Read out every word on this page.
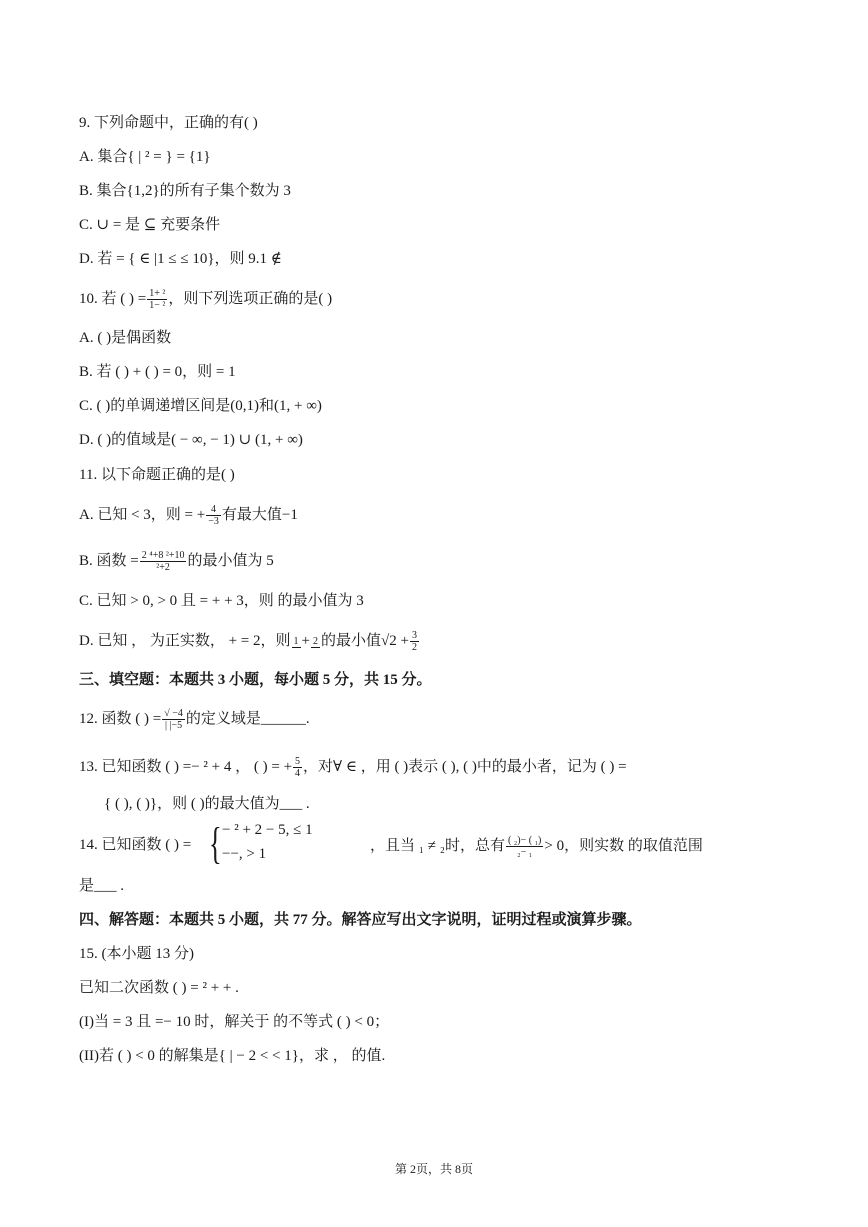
9. 下列命题中，正确的有( )
A. 集合{ | ² = } = {1}
B. 集合{1,2}的所有子集个数为 3
C. ∪ = 是 ⊆ 充要条件
D. 若 = { ∈ |1 ≤ ≤ 10}，则 9.1 ∉
10. 若 ( ) = $\frac{\text{1+ ²}}{\text{1− ²}}$ ，则下列选项正确的是( )
A. ( )是偶函数
B. 若 ( ) + ( ) = 0，则 = 1
C. ( )的单调递增区间是(0,1)和(1, + ∞)
D. ( )的值域是( − ∞, − 1) ∪ (1, + ∞)
11. 以下命题正确的是( )
A. 已知 < 3，则 = + $\frac{4}{-3}$ 有最大值−1
B. 函数 = $\frac{\text{2 ⁴+8 ²+10}}{\text{²+2}}$ 的最小值为 5
C. 已知 > 0, > 0 且 = + + 3，则 的最小值为 3
D. 已知 ， 为正实数， + = 2，则 1 + 2 的最小值$√2 + \frac{3}{2}$
三、填空题：本题共 3 小题，每小题 5 分，共 15 分。
12. 函数 ( ) = $\frac{√ -4}{| |-5}$ 的定义域是______.
13. 已知函数 ( ) =− ² + 4 ， ( ) = + $\frac{5}{4}$ ，对∀ ∈ ，用 ( )表示 ( ), ( )中的最小者，记为 ( ) =
{ ( ), ( )}，则 ( )的最大值为___ .
14. 已知函数 ( ) = { − ² + 2 − 5, ≤ 1
−−, > 1
，且当 ₁ ≠ ₂时，总有 $\frac{\text{( ₂)− ( ₁)}}{\text{₂− ₁}} > 0$，则实数 的取值范围
是___ .
四、解答题：本题共 5 小题，共 77 分。解答应写出文字说明，证明过程或演算步骤。
15. (本小题 13 分)
已知二次函数 ( ) = ² + + .
(I)当 = 3 且 =− 10 时，解关于 的不等式 ( ) < 0；
(II)若 ( ) < 0 的解集是{ | − 2 < < 1}，求 ， 的值.
第 2页，共 8页
